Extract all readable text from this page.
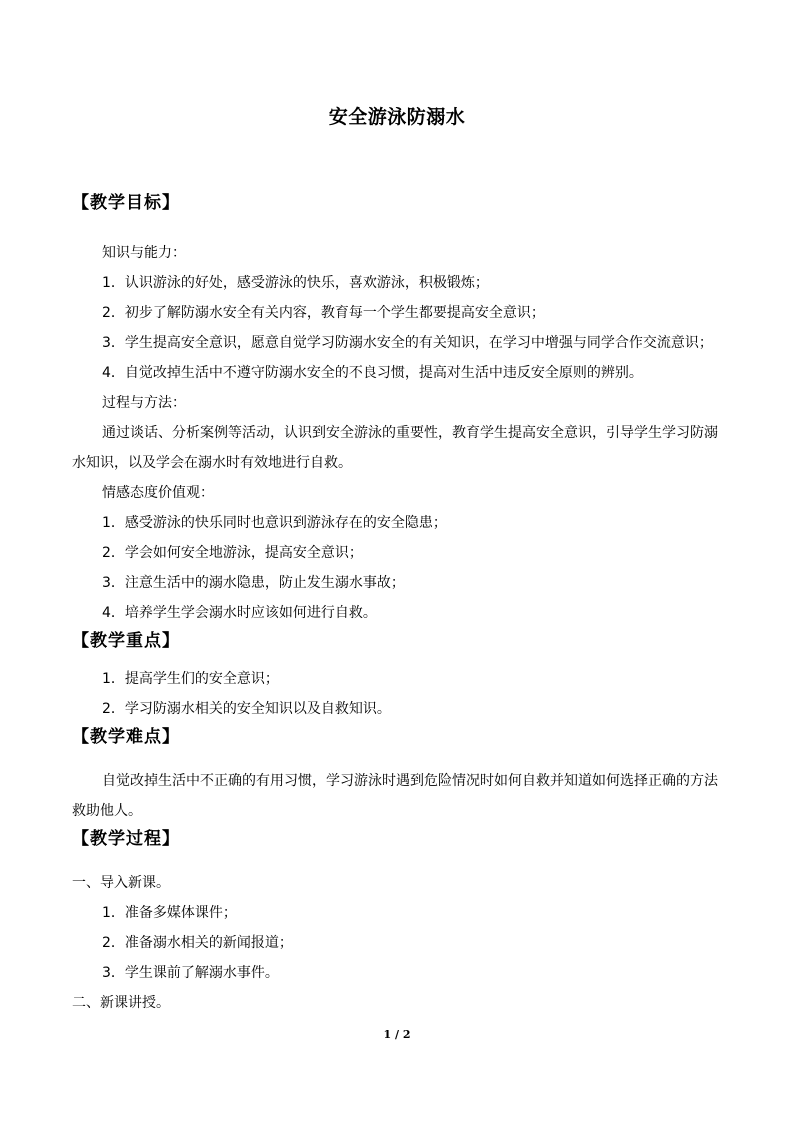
安全游泳防溺水
【教学目标】
知识与能力：
1．认识游泳的好处，感受游泳的快乐，喜欢游泳，积极锻炼；
2．初步了解防溺水安全有关内容，教育每一个学生都要提高安全意识；
3．学生提高安全意识，愿意自觉学习防溺水安全的有关知识，在学习中增强与同学合作交流意识；
4．自觉改掉生活中不遵守防溺水安全的不良习惯，提高对生活中违反安全原则的辨别。
过程与方法：
通过谈话、分析案例等活动，认识到安全游泳的重要性，教育学生提高安全意识，引导学生学习防溺水知识，以及学会在溺水时有效地进行自救。
情感态度价值观：
1．感受游泳的快乐同时也意识到游泳存在的安全隐患；
2．学会如何安全地游泳，提高安全意识；
3．注意生活中的溺水隐患，防止发生溺水事故；
4．培养学生学会溺水时应该如何进行自救。
【教学重点】
1．提高学生们的安全意识；
2．学习防溺水相关的安全知识以及自救知识。
【教学难点】
自觉改掉生活中不正确的有用习惯，学习游泳时遇到危险情况时如何自救并知道如何选择正确的方法救助他人。
【教学过程】
一、导入新课。
1．准备多媒体课件；
2．准备溺水相关的新闻报道；
3．学生课前了解溺水事件。
二、新课讲授。
1 / 2
